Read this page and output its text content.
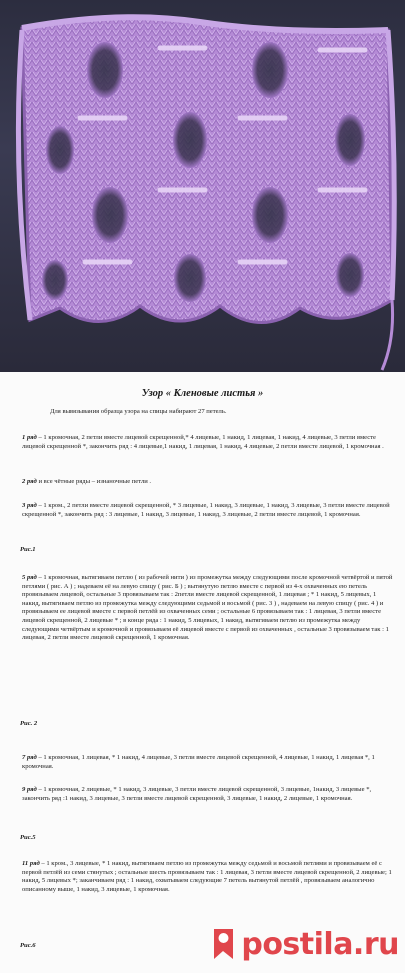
Узор « Кленовые листья »

Для вывязывания образца узора на спицы набирают 27 петель.

1 ряд – 1 кромочная, 2 петли вместе лицевой скрещенной,* 4 лицевые, 1 накид, 1 лицевая, 1 накид, 4 лицевые, 3 петли вместе лицевой скрещенной *, закончить ряд : 4 лицевые,1 накид, 1 лицевая, 1 накид, 4 лицевые, 2 петли вместе лицевой, 1 кромочная .

2 ряд и все чётные ряды – изнаночные петли .

3 ряд – 1 кром., 2 петли вместе лицевой скрещенной, * 3 лицевые, 1 накид, 3 лицевые, 1 накид, 3 лицевые, 3 петли вместе лицевой скрещенной *, закончить ряд : 3 лицевые, 1 накид, 3 лицевые, 1 накид, 3 лицевые, 2 петли вместе лицевой, 1 кромочная.

Рис.1

5 ряд – 1 кромочная, вытягиваем петлю ( из рабочей нити ) из промежутка между следующими после кромочной четвёртой и пятой петлями ( рис. А ) ; надеваем её на левую спицу ( рис. Б ) ; вытянутую петлю вместе с первой из 4-х охваченных ею петель провязываем лицевой, остальные 3 провязываем так : 2петли вместе лицевой скрещенной, 1 лицевая ; * 1 накид, 5 лицевых, 1 накид, вытягиваем петлю из промежутка между следующими седьмой и восьмой ( рис. 3 ) , надеваем на левую спицу ( рис. 4 ) и провязываем ее лицевой вместе с первой петлёй из охваченных семи ; остальные 6 провязываем так : 1 лицевая, 3 петли вместе лицевой скрещенной, 2 лицевые * ; в конце ряда : 1 накид, 5 лицевых, 1 накид, вытягиваем петлю из промежутка между следующими четвёртым и кромочной и провязываем её лицевой вместе с первой из охваченных , остальные 3 провязываем так : 1 лицевая, 2 петли вместе лицевой скрещенной, 1 кромочная.

Рис. 2

7 ряд – 1 кромочная, 1 лицевая, * 1 накид, 4 лицевые, 3 петли вместе лицевой скрещенной, 4 лицевые, 1 накид, 1 лицевая *, 1 кромочная.

9 ряд – 1 кромочная, 2 лицевые, * 1 накид, 3 лицевые, 3 петли вместе лицевой скрещенной, 3 лицевые, 1накид, 3 лицевые *, закончить ряд :1 накид, 3 лицевые, 3 петли вместе лицевой скрещенной, 3 лицевые, 1 накид, 2 лицевые, 1 кромочная.

Рис.5

11 ряд – 1 кром., 3 лицевые, * 1 накид, вытягиваем петлю из промежутка между седьмой и восьмой петлями и провязываем её с первой петлёй из семи стянутых ; остальные шесть провязываем так : 1 лицевая, 3 петли вместе лицевой скрещенной, 2 лицевые; 1 накид, 5 лицевых *; заканчиваем ряд : 1 накид, охватываем следующие 7 петель вытянутой петлёй , провязываем аналогично описанному выше, 1 накид, 3 лицевые, 1 кромочная.

Рис.6	postila.ru
